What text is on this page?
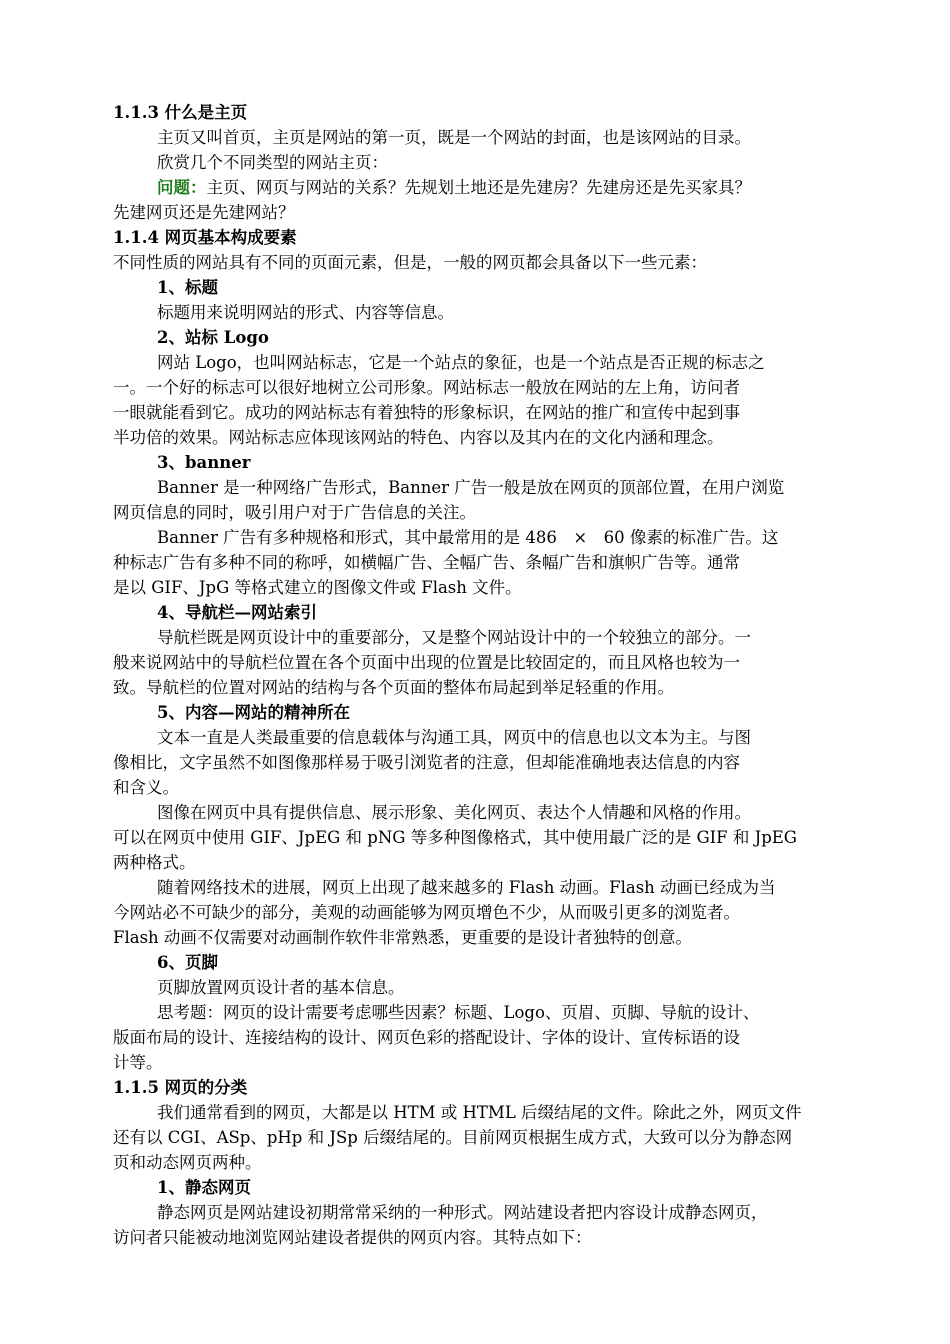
1.1.3 什么是主页
主页又叫首页，主页是网站的第一页，既是一个网站的封面，也是该网站的目录。
欣赏几个不同类型的网站主页：
问题：主页、网页与网站的关系？先规划土地还是先建房？先建房还是先买家具？
先建网页还是先建网站？
1.1.4 网页基本构成要素
不同性质的网站具有不同的页面元素，但是，一般的网页都会具备以下一些元素：
1、标题
标题用来说明网站的形式、内容等信息。
2、站标 Logo
网站 Logo，也叫网站标志，它是一个站点的象征，也是一个站点是否正规的标志之
一。一个好的标志可以很好地树立公司形象。网站标志一般放在网站的左上角，访问者
一眼就能看到它。成功的网站标志有着独特的形象标识，在网站的推广和宣传中起到事
半功倍的效果。网站标志应体现该网站的特色、内容以及其内在的文化内涵和理念。
3、banner
Banner 是一种网络广告形式，Banner 广告一般是放在网页的顶部位置，在用户浏览
网页信息的同时，吸引用户对于广告信息的关注。
Banner 广告有多种规格和形式，其中最常用的是 486　×　60 像素的标准广告。这
种标志广告有多种不同的称呼，如横幅广告、全幅广告、条幅广告和旗帜广告等。通常
是以 GIF、JpG 等格式建立的图像文件或 Flash 文件。
4、导航栏—网站索引
导航栏既是网页设计中的重要部分，又是整个网站设计中的一个较独立的部分。一
般来说网站中的导航栏位置在各个页面中出现的位置是比较固定的，而且风格也较为一
致。导航栏的位置对网站的结构与各个页面的整体布局起到举足轻重的作用。
5、内容—网站的精神所在
文本一直是人类最重要的信息载体与沟通工具，网页中的信息也以文本为主。与图
像相比，文字虽然不如图像那样易于吸引浏览者的注意，但却能准确地表达信息的内容
和含义。
图像在网页中具有提供信息、展示形象、美化网页、表达个人情趣和风格的作用。
可以在网页中使用 GIF、JpEG 和 pNG 等多种图像格式，其中使用最广泛的是 GIF 和 JpEG
两种格式。
随着网络技术的进展，网页上出现了越来越多的 Flash 动画。Flash 动画已经成为当
今网站必不可缺少的部分，美观的动画能够为网页增色不少，从而吸引更多的浏览者。
Flash 动画不仅需要对动画制作软件非常熟悉，更重要的是设计者独特的创意。
6、页脚
页脚放置网页设计者的基本信息。
思考题：网页的设计需要考虑哪些因素？标题、Logo、页眉、页脚、导航的设计、
版面布局的设计、连接结构的设计、网页色彩的搭配设计、字体的设计、宣传标语的设
计等。
1.1.5 网页的分类
我们通常看到的网页，大都是以 HTM 或 HTML 后缀结尾的文件。除此之外，网页文件
还有以 CGI、ASp、pHp 和 JSp 后缀结尾的。目前网页根据生成方式，大致可以分为静态网
页和动态网页两种。
1、静态网页
静态网页是网站建设初期常常采纳的一种形式。网站建设者把内容设计成静态网页，
访问者只能被动地浏览网站建设者提供的网页内容。其特点如下：
